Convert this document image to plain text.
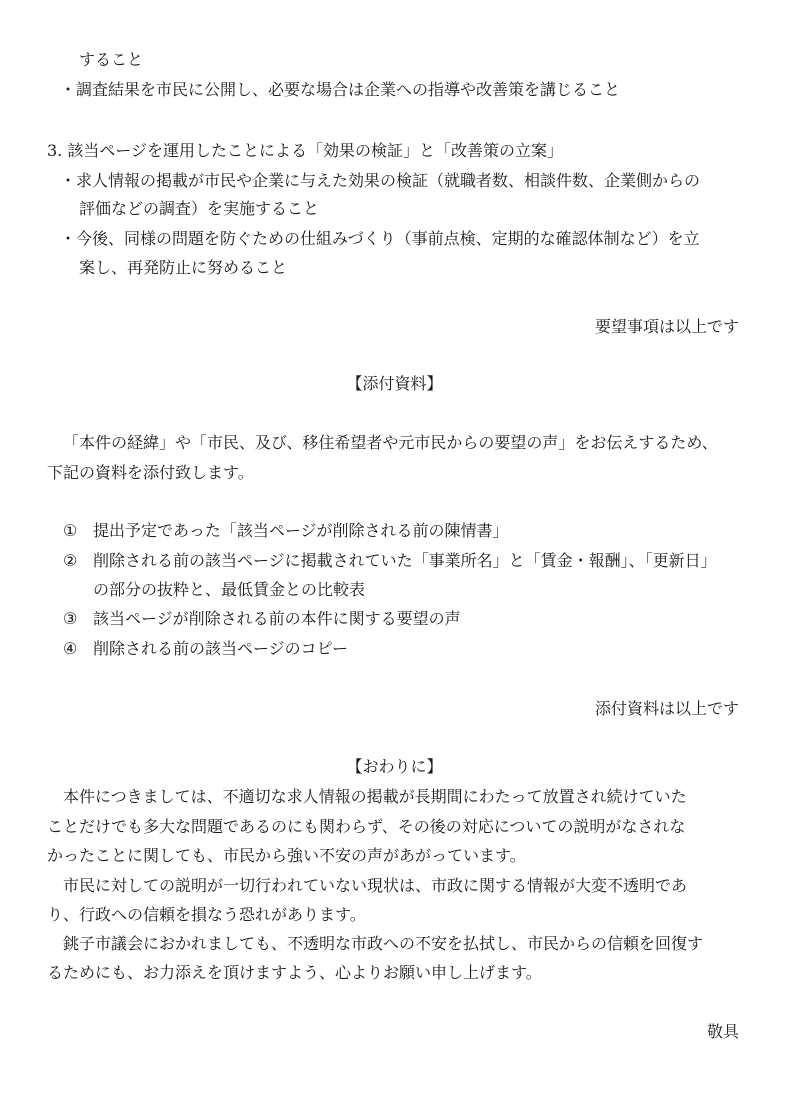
すること
・調査結果を市民に公開し、必要な場合は企業への指導や改善策を講じること
3. 該当ページを運用したことによる「効果の検証」と「改善策の立案」
・求人情報の掲載が市民や企業に与えた効果の検証（就職者数、相談件数、企業側からの
評価などの調査）を実施すること
・今後、同様の問題を防ぐための仕組みづくり（事前点検、定期的な確認体制など）を立
案し、再発防止に努めること
要望事項は以上です
【添付資料】
「本件の経緯」や「市民、及び、移住希望者や元市民からの要望の声」をお伝えするため、
下記の資料を添付致します。
① 提出予定であった「該当ページが削除される前の陳情書」
② 削除される前の該当ページに掲載されていた「事業所名」と「賃金・報酬」、「更新日」
の部分の抜粋と、最低賃金との比較表
③ 該当ページが削除される前の本件に関する要望の声
④ 削除される前の該当ページのコピー
添付資料は以上です
【おわりに】
本件につきましては、不適切な求人情報の掲載が長期間にわたって放置され続けていた
ことだけでも多大な問題であるのにも関わらず、その後の対応についての説明がなされな
かったことに関しても、市民から強い不安の声があがっています。
市民に対しての説明が一切行われていない現状は、市政に関する情報が大変不透明であ
り、行政への信頼を損なう恐れがあります。
銚子市議会におかれましても、不透明な市政への不安を払拭し、市民からの信頼を回復す
るためにも、お力添えを頂けますよう、心よりお願い申し上げます。
敬具
